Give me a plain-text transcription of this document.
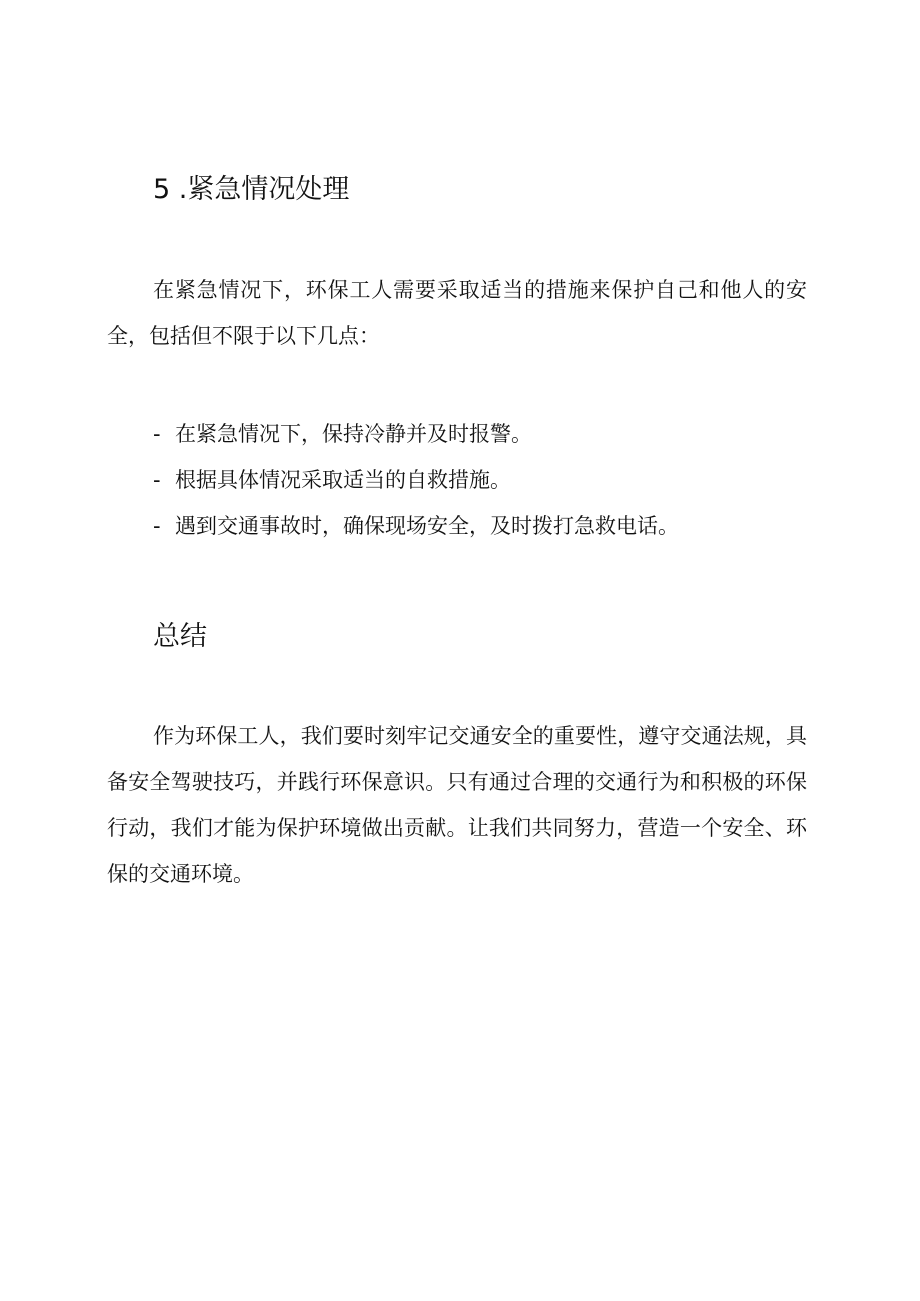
5 .紧急情况处理

在紧急情况下，环保工人需要采取适当的措施来保护自己和他人的安全，包括但不限于以下几点：

- 在紧急情况下，保持冷静并及时报警。
- 根据具体情况采取适当的自救措施。
- 遇到交通事故时，确保现场安全，及时拨打急救电话。
总结

作为环保工人，我们要时刻牢记交通安全的重要性，遵守交通法规，具备安全驾驶技巧，并践行环保意识。只有通过合理的交通行为和积极的环保行动，我们才能为保护环境做出贡献。让我们共同努力，营造一个安全、环保的交通环境。
